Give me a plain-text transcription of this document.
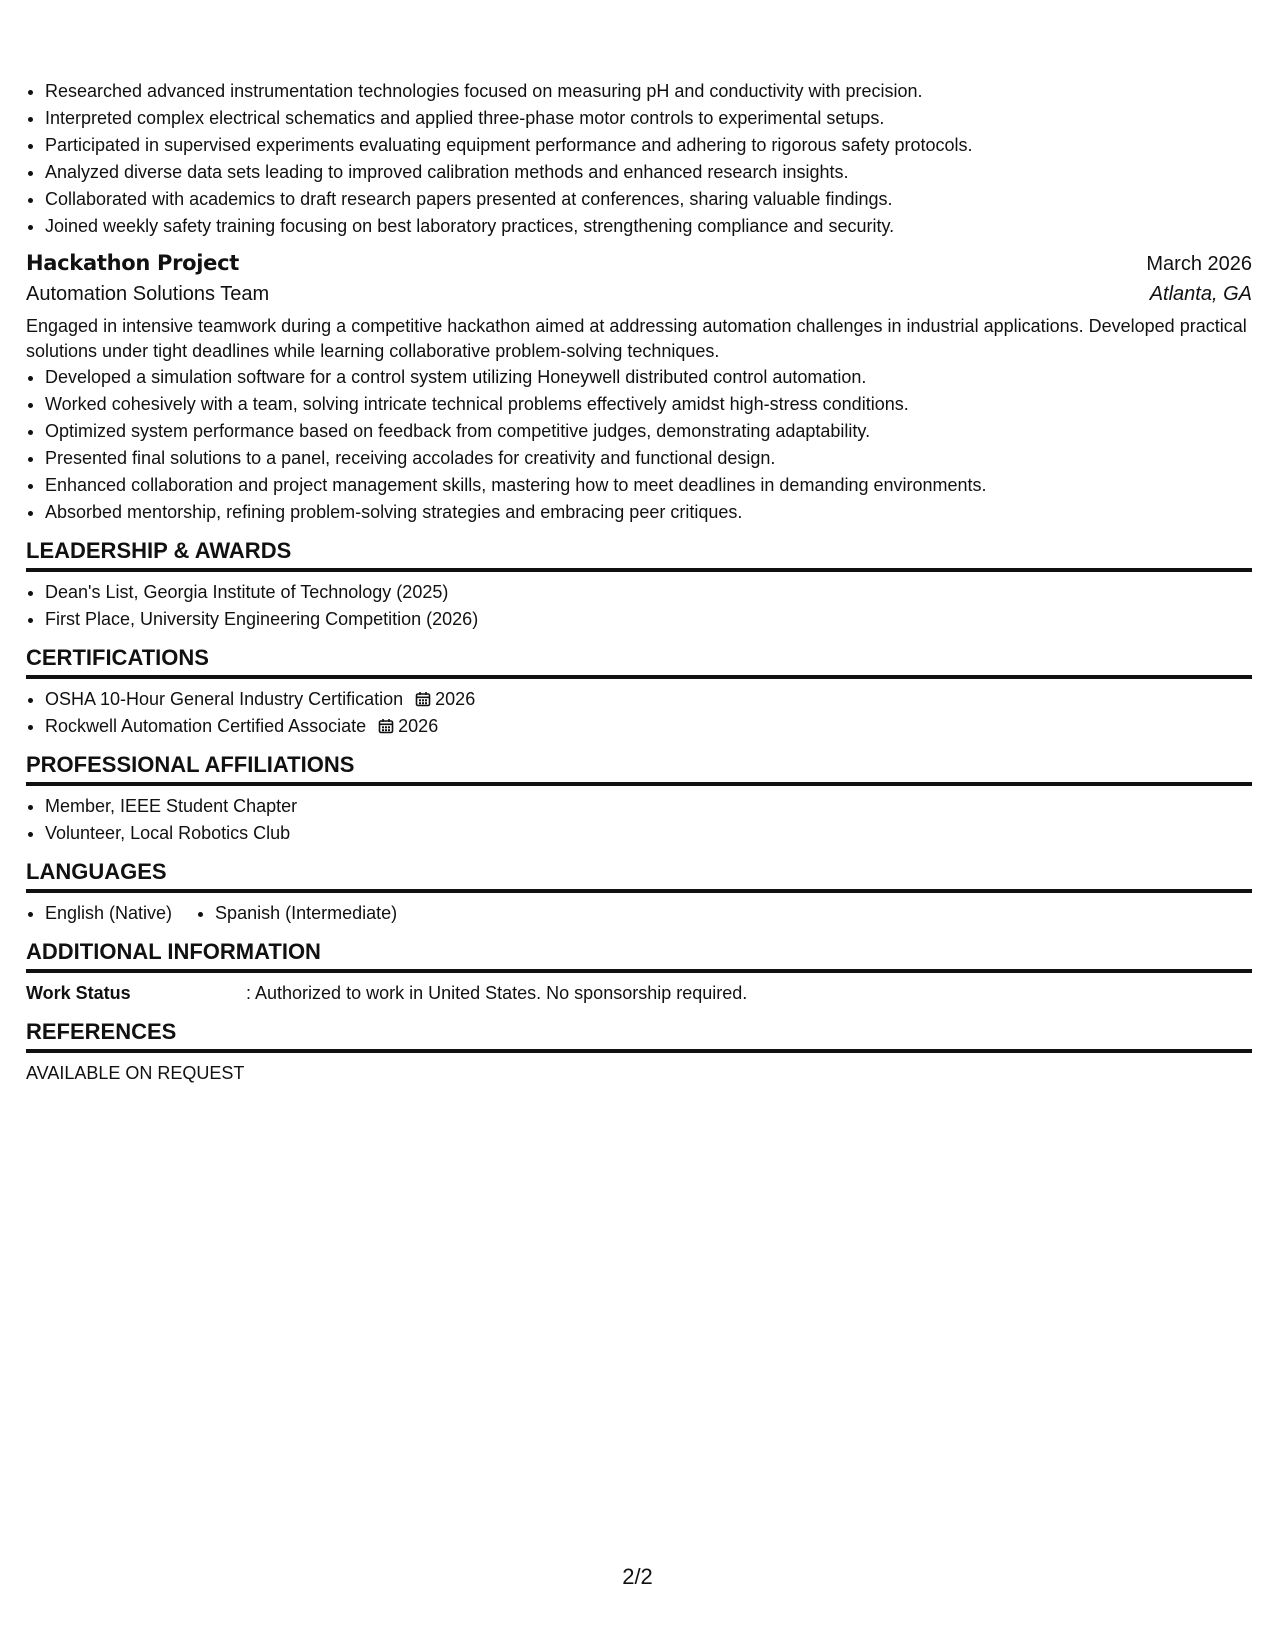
Researched advanced instrumentation technologies focused on measuring pH and conductivity with precision.
Interpreted complex electrical schematics and applied three-phase motor controls to experimental setups.
Participated in supervised experiments evaluating equipment performance and adhering to rigorous safety protocols.
Analyzed diverse data sets leading to improved calibration methods and enhanced research insights.
Collaborated with academics to draft research papers presented at conferences, sharing valuable findings.
Joined weekly safety training focusing on best laboratory practices, strengthening compliance and security.
Hackathon Project	March 2026
Automation Solutions Team	Atlanta, GA
Engaged in intensive teamwork during a competitive hackathon aimed at addressing automation challenges in industrial applications. Developed practical solutions under tight deadlines while learning collaborative problem-solving techniques.
Developed a simulation software for a control system utilizing Honeywell distributed control automation.
Worked cohesively with a team, solving intricate technical problems effectively amidst high-stress conditions.
Optimized system performance based on feedback from competitive judges, demonstrating adaptability.
Presented final solutions to a panel, receiving accolades for creativity and functional design.
Enhanced collaboration and project management skills, mastering how to meet deadlines in demanding environments.
Absorbed mentorship, refining problem-solving strategies and embracing peer critiques.
LEADERSHIP & AWARDS
Dean's List, Georgia Institute of Technology (2025)
First Place, University Engineering Competition (2026)
CERTIFICATIONS
OSHA 10-Hour General Industry Certification 2026
Rockwell Automation Certified Associate 2026
PROFESSIONAL AFFILIATIONS
Member, IEEE Student Chapter
Volunteer, Local Robotics Club
LANGUAGES
English (Native)	Spanish (Intermediate)
ADDITIONAL INFORMATION
Work Status	: Authorized to work in United States. No sponsorship required.
REFERENCES
AVAILABLE ON REQUEST
2/2
